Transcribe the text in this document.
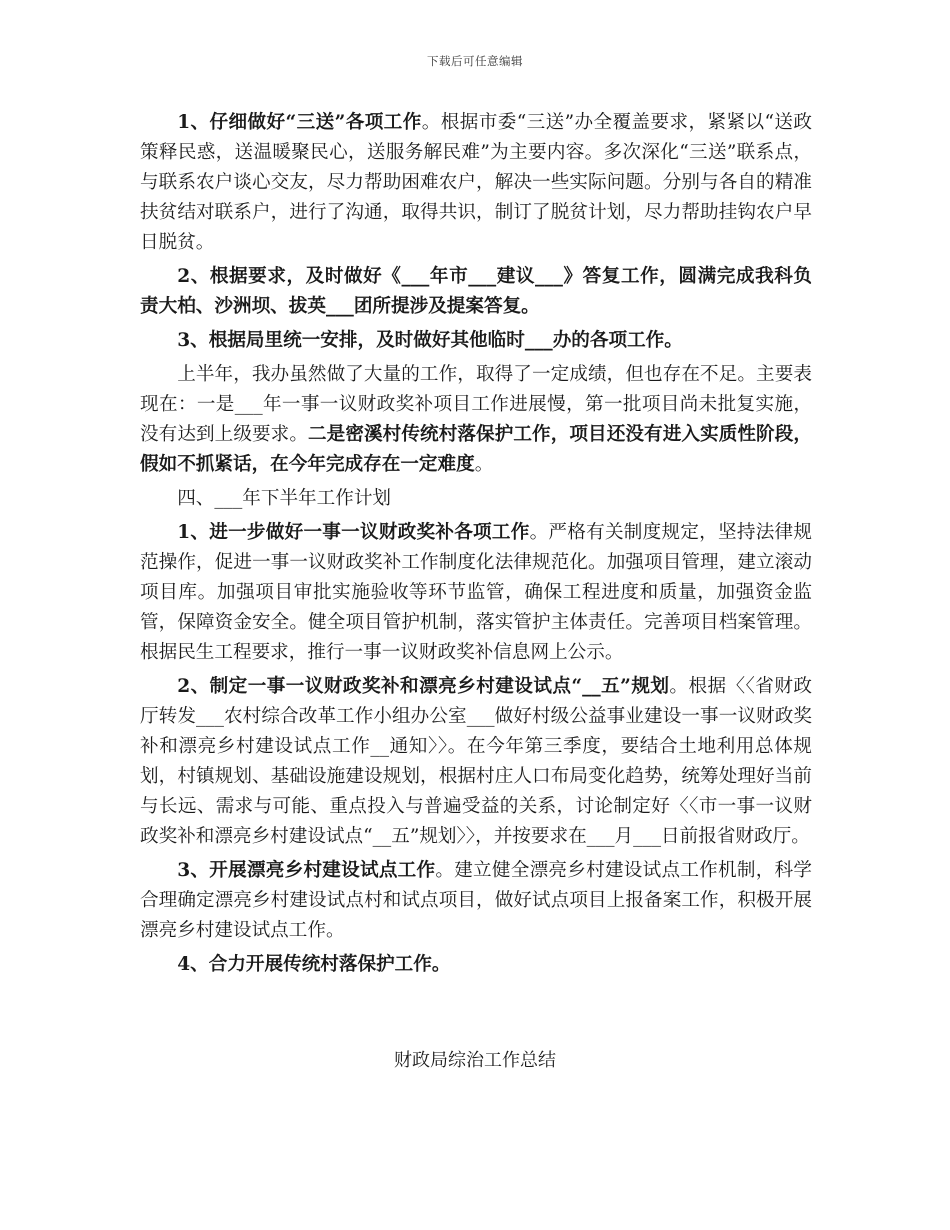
下载后可任意编辑

1、仔细做好“三送”各项工作。根据市委“三送”办全覆盖要求，紧紧以“送政策释民惑，送温暖聚民心，送服务解民难”为主要内容。多次深化“三送”联系点，与联系农户谈心交友，尽力帮助困难农户，解决一些实际问题。分别与各自的精准扶贫结对联系户，进行了沟通，取得共识，制订了脱贫计划，尽力帮助挂钩农户早日脱贫。

2、根据要求，及时做好《___年市___建议___》答复工作，圆满完成我科负责大柏、沙洲坝、拔英___团所提涉及提案答复。

3、根据局里统一安排，及时做好其他临时___办的各项工作。

上半年，我办虽然做了大量的工作，取得了一定成绩，但也存在不足。主要表现在：一是___年一事一议财政奖补项目工作进展慢，第一批项目尚未批复实施，没有达到上级要求。二是密溪村传统村落保护工作，项目还没有进入实质性阶段，假如不抓紧话，在今年完成存在一定难度。

四、___年下半年工作计划

1、进一步做好一事一议财政奖补各项工作。严格有关制度规定，坚持法律规范操作，促进一事一议财政奖补工作制度化法律规范化。加强项目管理，建立滚动项目库。加强项目审批实施验收等环节监管，确保工程进度和质量，加强资金监管，保障资金安全。健全项目管护机制，落实管护主体责任。完善项目档案管理。根据民生工程要求，推行一事一议财政奖补信息网上公示。

2、制定一事一议财政奖补和漂亮乡村建设试点“__五”规划。根据〈〈省财政厅转发___农村综合改革工作小组办公室___做好村级公益事业建设一事一议财政奖补和漂亮乡村建设试点工作__通知〉〉。在今年第三季度，要结合土地利用总体规划，村镇规划、基础设施建设规划，根据村庄人口布局变化趋势，统筹处理好当前与长远、需求与可能、重点投入与普遍受益的关系，讨论制定好〈〈市一事一议财政奖补和漂亮乡村建设试点“__五”规划〉〉，并按要求在___月___日前报省财政厅。

3、开展漂亮乡村建设试点工作。建立健全漂亮乡村建设试点工作机制，科学合理确定漂亮乡村建设试点村和试点项目，做好试点项目上报备案工作，积极开展漂亮乡村建设试点工作。

4、合力开展传统村落保护工作。

财政局综治工作总结
